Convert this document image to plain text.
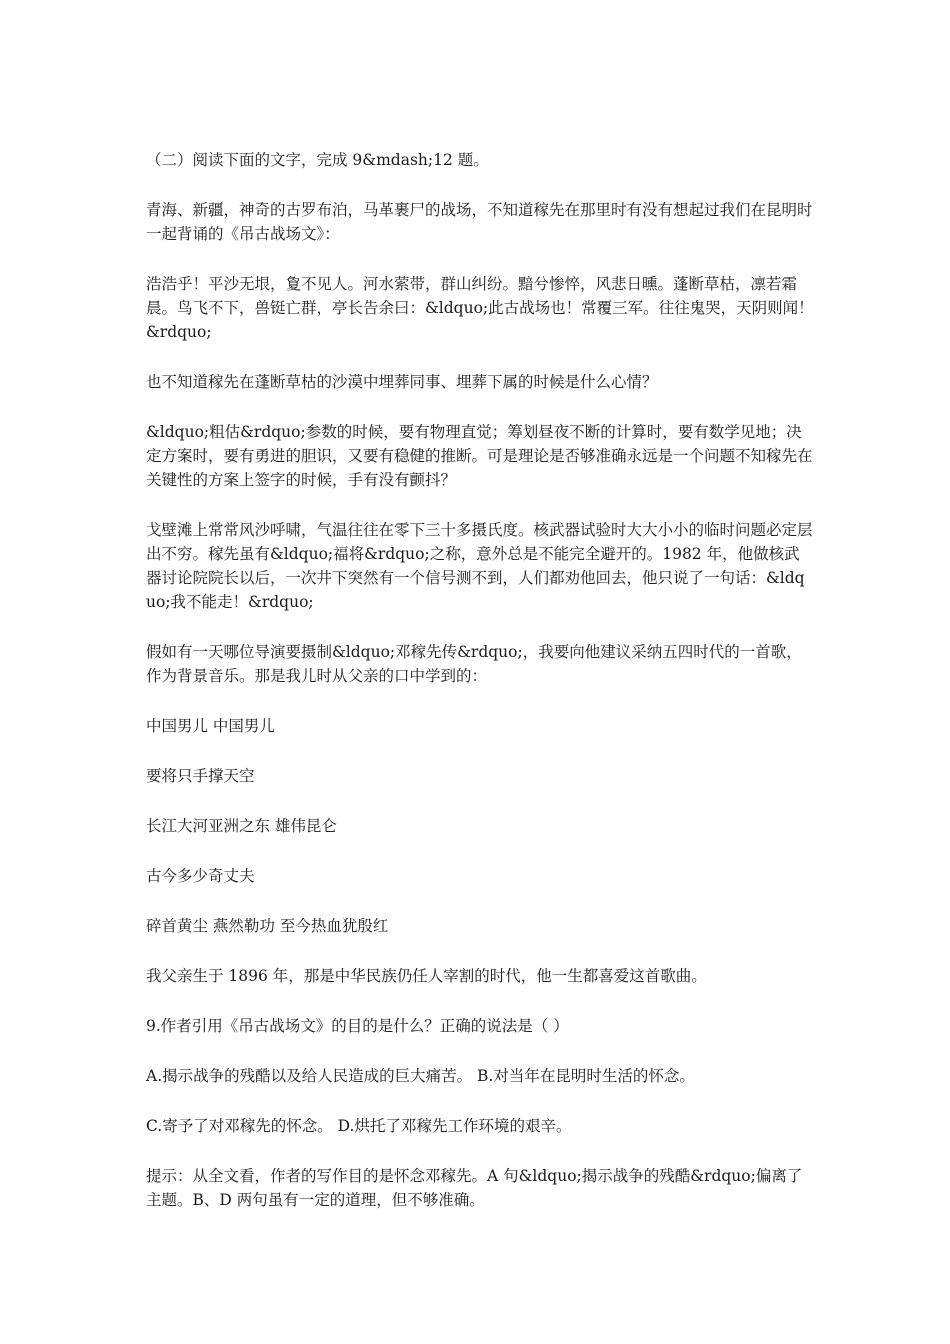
（二）阅读下面的文字，完成 9&mdash;12 题。

青海、新疆，神奇的古罗布泊，马革裹尸的战场，不知道稼先在那里时有没有想起过我们在昆明时一起背诵的《吊古战场文》：

浩浩乎！平沙无垠，夐不见人。河水萦带，群山纠纷。黯兮惨悴，风悲日曛。蓬断草枯，凛若霜晨。鸟飞不下，兽铤亡群，亭长告余曰：&ldquo;此古战场也！常覆三军。往往鬼哭，天阴则闻！&rdquo;

也不知道稼先在蓬断草枯的沙漠中埋葬同事、埋葬下属的时候是什么心情？

&ldquo;粗估&rdquo;参数的时候，要有物理直觉；筹划昼夜不断的计算时，要有数学见地；决定方案时，要有勇进的胆识，又要有稳健的推断。可是理论是否够准确永远是一个问题不知稼先在关键性的方案上签字的时候，手有没有颤抖？

戈壁滩上常常风沙呼啸，气温往往在零下三十多摄氏度。核武器试验时大大小小的临时问题必定层出不穷。稼先虽有&ldquo;福将&rdquo;之称，意外总是不能完全避开的。1982 年，他做核武器讨论院院长以后，一次井下突然有一个信号测不到，人们都劝他回去，他只说了一句话：&ldquo;我不能走！&rdquo;

假如有一天哪位导演要摄制&ldquo;邓稼先传&rdquo;，我要向他建议采纳五四时代的一首歌，作为背景音乐。那是我儿时从父亲的口中学到的：

中国男儿 中国男儿

要将只手撑天空

长江大河亚洲之东 雄伟昆仑

古今多少奇丈夫

碎首黄尘 燕然勒功 至今热血犹殷红

我父亲生于 1896 年，那是中华民族仍任人宰割的时代，他一生都喜爱这首歌曲。

9.作者引用《吊古战场文》的目的是什么？正确的说法是（ ）

A.揭示战争的残酷以及给人民造成的巨大痛苦。 B.对当年在昆明时生活的怀念。

C.寄予了对邓稼先的怀念。 D.烘托了邓稼先工作环境的艰辛。

提示：从全文看，作者的写作目的是怀念邓稼先。A 句&ldquo;揭示战争的残酷&rdquo;偏离了主题。B、D 两句虽有一定的道理，但不够准确。
